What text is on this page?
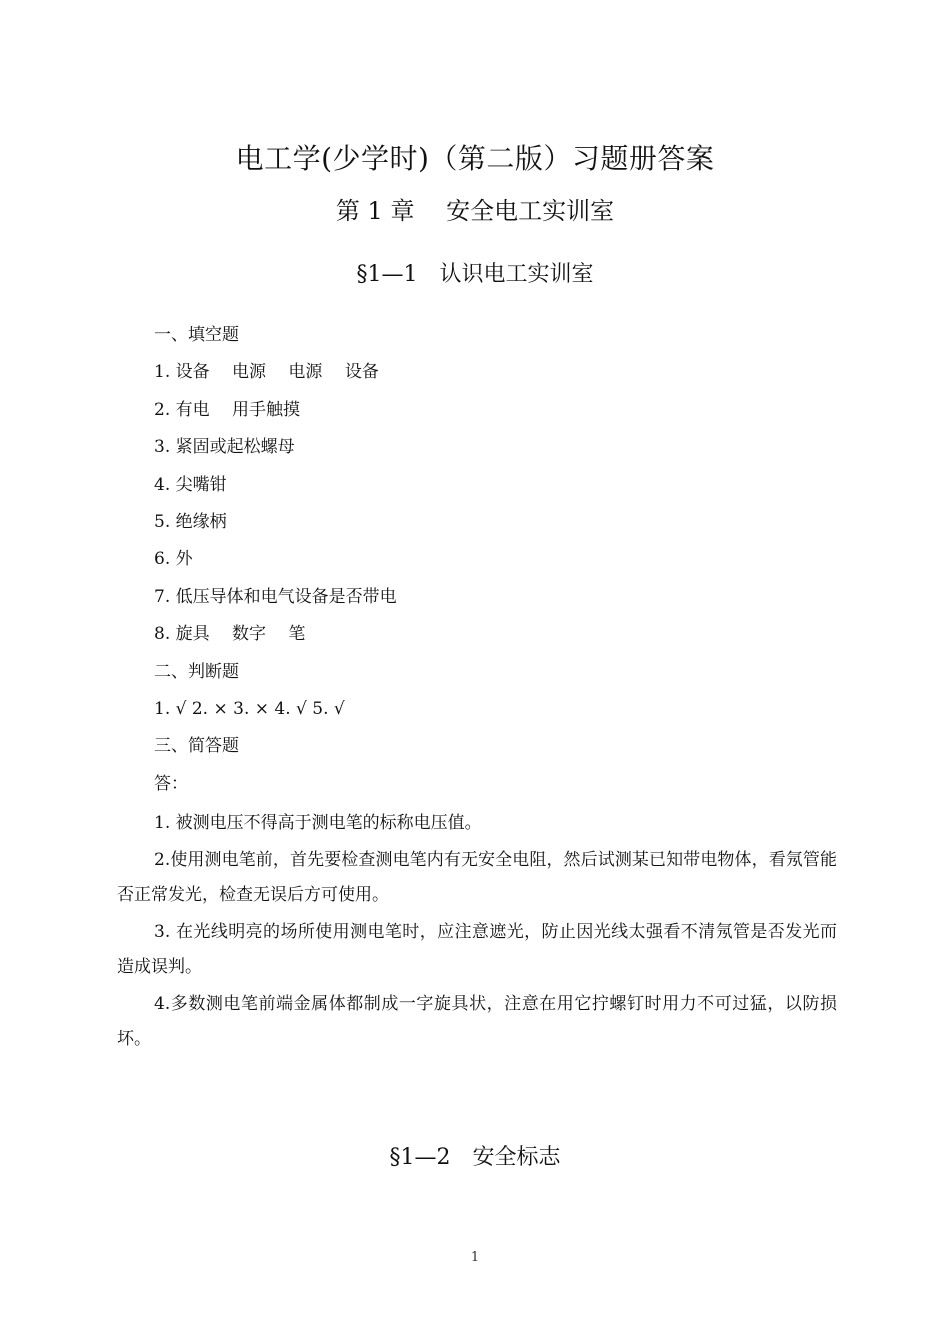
电工学(少学时)（第二版）习题册答案
第 1 章　 安全电工实训室
§1—1　认识电工实训室
一、填空题
1. 设备　 电源　 电源　 设备
2. 有电　 用手触摸
3. 紧固或起松螺母
4. 尖嘴钳
5. 绝缘柄
6. 外
7. 低压导体和电气设备是否带电
8. 旋具　 数字　 笔
二、判断题
1. √ 2. × 3. × 4. √ 5. √
三、简答题
答：
1. 被测电压不得高于测电笔的标称电压值。
2.使用测电笔前，首先要检查测电笔内有无安全电阻，然后试测某已知带电物体，看氖管能否正常发光，检查无误后方可使用。
3. 在光线明亮的场所使用测电笔时，应注意遮光，防止因光线太强看不清氖管是否发光而造成误判。
4.多数测电笔前端金属体都制成一字旋具状，注意在用它拧螺钉时用力不可过猛，以防损坏。
§1—2　安全标志
1
